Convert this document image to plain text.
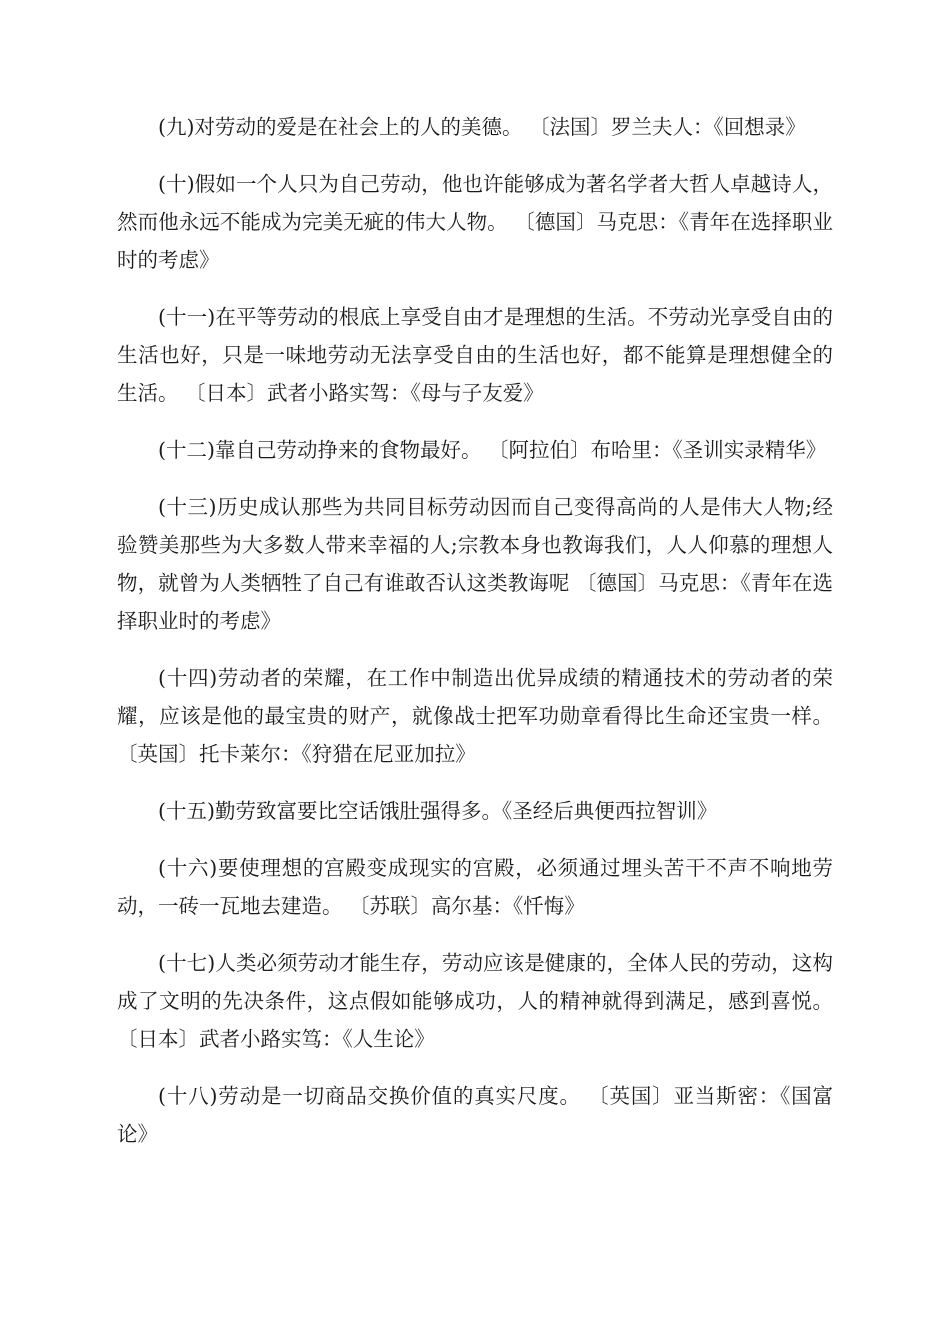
(九)对劳动的爱是在社会上的人的美德。 〔法国〕罗兰夫人：《回想录》

(十)假如一个人只为自己劳动，他也许能够成为著名学者大哲人卓越诗人，然而他永远不能成为完美无疵的伟大人物。 〔德国〕马克思：《青年在选择职业时的考虑》

(十一)在平等劳动的根底上享受自由才是理想的生活。不劳动光享受自由的生活也好，只是一味地劳动无法享受自由的生活也好，都不能算是理想健全的生活。 〔日本〕武者小路实驾：《母与子友爱》

(十二)靠自己劳动挣来的食物最好。 〔阿拉伯〕布哈里：《圣训实录精华》

(十三)历史成认那些为共同目标劳动因而自己变得高尚的人是伟大人物;经验赞美那些为大多数人带来幸福的人;宗教本身也教诲我们，人人仰慕的理想人物，就曾为人类牺牲了自己有谁敢否认这类教诲呢 〔德国〕马克思：《青年在选择职业时的考虑》

(十四)劳动者的荣耀，在工作中制造出优异成绩的精通技术的劳动者的荣耀，应该是他的最宝贵的财产，就像战士把军功勋章看得比生命还宝贵一样。 〔英国〕托卡莱尔：《狩猎在尼亚加拉》

(十五)勤劳致富要比空话饿肚强得多。《圣经后典便西拉智训》

(十六)要使理想的宫殿变成现实的宫殿，必须通过埋头苦干不声不响地劳动，一砖一瓦地去建造。 〔苏联〕高尔基：《忏悔》

(十七)人类必须劳动才能生存，劳动应该是健康的，全体人民的劳动，这构成了文明的先决条件，这点假如能够成功，人的精神就得到满足，感到喜悦。 〔日本〕武者小路实笃：《人生论》

(十八)劳动是一切商品交换价值的真实尺度。 〔英国〕亚当斯密：《国富论》
